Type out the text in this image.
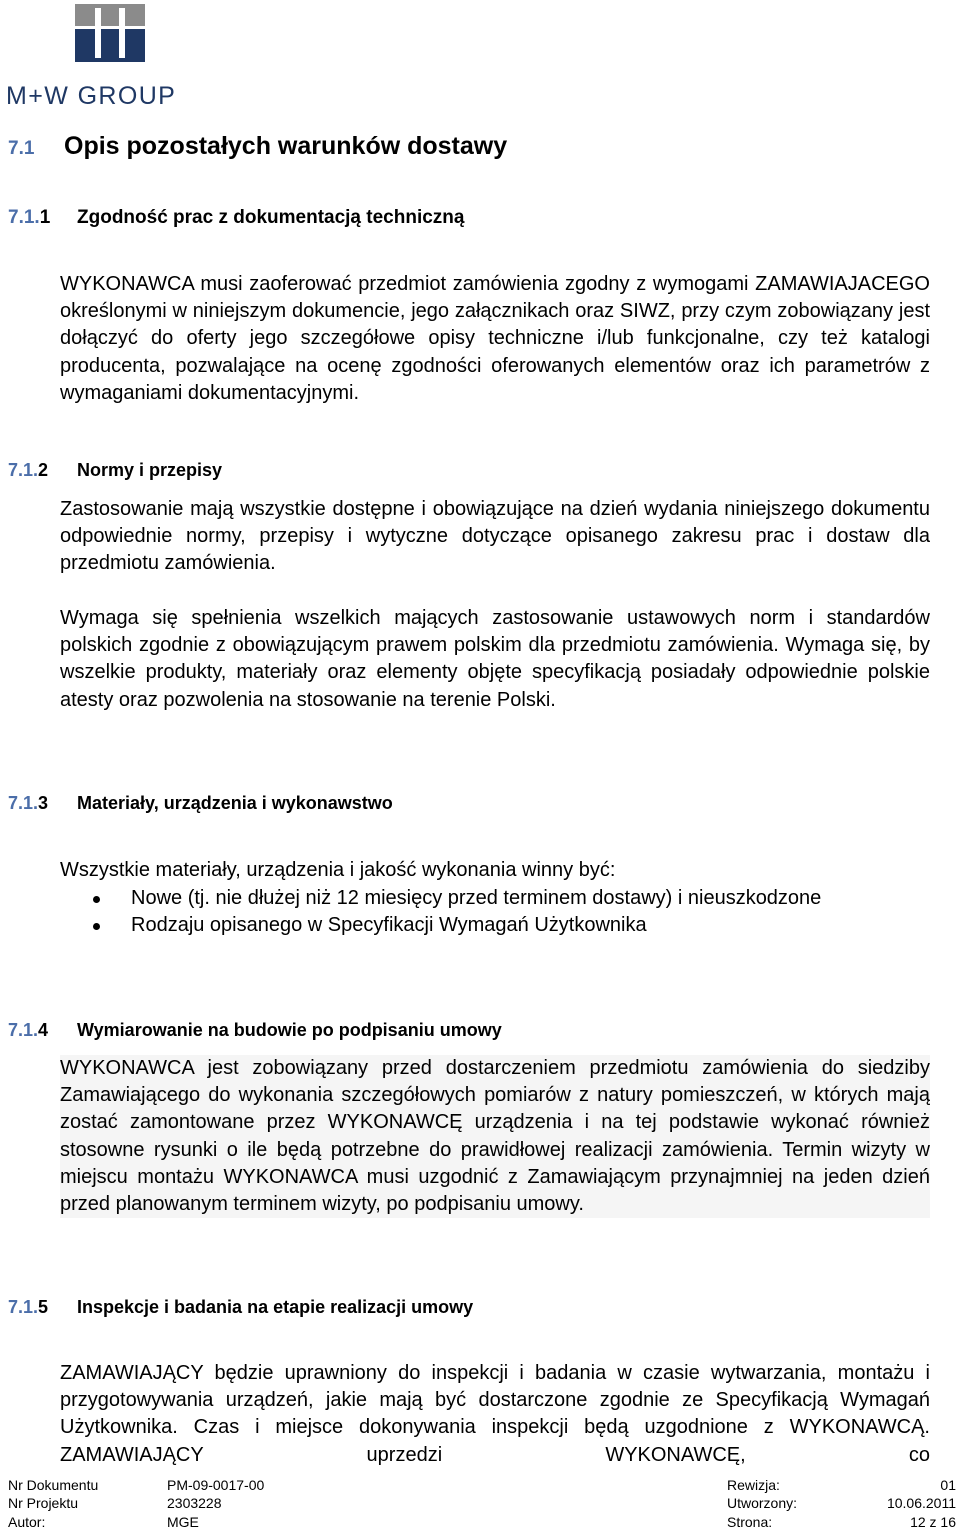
M+W GROUP
7.1 Opis pozostałych warunków dostawy
7.1.1 Zgodność prac z dokumentacją techniczną
WYKONAWCA musi zaoferować przedmiot zamówienia zgodny z wymogami ZAMAWIAJACEGO określonymi w niniejszym dokumencie, jego załącznikach oraz SIWZ, przy czym zobowiązany jest dołączyć do oferty jego szczegółowe opisy techniczne i/lub funkcjonalne, czy też katalogi producenta, pozwalające na ocenę zgodności oferowanych elementów oraz ich parametrów z wymaganiami dokumentacyjnymi.
7.1.2 Normy i przepisy
Zastosowanie mają wszystkie dostępne i obowiązujące na dzień wydania niniejszego dokumentu odpowiednie normy, przepisy i wytyczne dotyczące opisanego zakresu prac i dostaw dla przedmiotu zamówienia.
Wymaga się spełnienia wszelkich mających zastosowanie ustawowych norm i standardów polskich zgodnie z obowiązującym prawem polskim dla przedmiotu zamówienia. Wymaga się, by wszelkie produkty, materiały oraz elementy objęte specyfikacją posiadały odpowiednie polskie atesty oraz pozwolenia na stosowanie na terenie Polski.
7.1.3 Materiały, urządzenia i wykonawstwo
Wszystkie materiały, urządzenia i jakość wykonania winny być:
Nowe (tj. nie dłużej niż 12 miesięcy przed terminem dostawy) i nieuszkodzone
Rodzaju opisanego w Specyfikacji Wymagań Użytkownika
7.1.4 Wymiarowanie na budowie po podpisaniu umowy
WYKONAWCA jest zobowiązany przed dostarczeniem przedmiotu zamówienia do siedziby Zamawiającego do wykonania szczegółowych pomiarów z natury pomieszczeń, w których mają zostać zamontowane przez WYKONAWCĘ urządzenia i na tej podstawie wykonać również stosowne rysunki o ile będą potrzebne do prawidłowej realizacji zamówienia. Termin wizyty w miejscu montażu WYKONAWCA musi uzgodnić z Zamawiającym przynajmniej na jeden dzień przed planowanym terminem wizyty, po podpisaniu umowy.
7.1.5 Inspekcje i badania na etapie realizacji umowy
ZAMAWIAJĄCY będzie uprawniony do inspekcji i badania w czasie wytwarzania, montażu i przygotowywania urządzeń, jakie mają być dostarczone zgodnie ze Specyfikacją Wymagań Użytkownika. Czas i miejsce dokonywania inspekcji będą uzgodnione z WYKONAWCĄ. ZAMAWIAJĄCY uprzedzi WYKONAWCĘ, co
Nr Dokumentu	PM-09-0017-00	Rewizja:	01
Nr Projektu	2303228	Utworzony:	10.06.2011
Autor:	MGE	Strona:	12 z 16
